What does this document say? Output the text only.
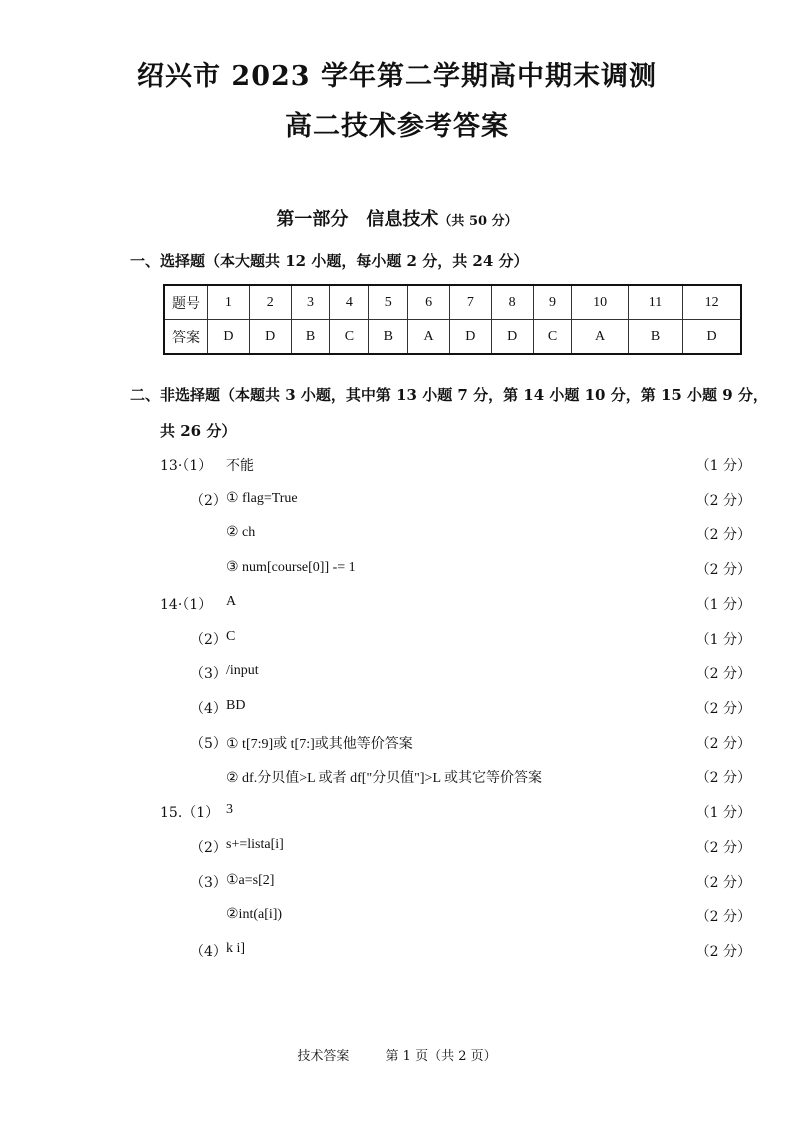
绍兴市 2023 学年第二学期高中期末调测
高二技术参考答案
第一部分　信息技术（共 50 分）
一、选择题（本大题共 12 小题，每小题 2 分，共 24 分）
题号	1	2	3	4	5	6	7	8	9	10	11	12
答案	D	D	B	C	B	A	D	D	C	A	B	D
二、非选择题（本题共 3 小题，其中第 13 小题 7 分，第 14 小题 10 分，第 15 小题 9 分，
共 26 分）
13·（1） 不能	（1 分）
（2） ① flag=True	（2 分）
② ch	（2 分）
③ num[course[0]] -= 1	（2 分）
14·（1） A	（1 分）
（2） C	（1 分）
（3） /input	（2 分）
（4） BD	（2 分）
（5） ① t[7:9]或 t[7:]或其他等价答案	（2 分）
② df.分贝值>L 或者 df["分贝值"]>L 或其它等价答案	（2 分）
15.（1） 3	（1 分）
（2） s+=lista[i]	（2 分）
（3） ①a=s[2]	（2 分）
②int(a[i])	（2 分）
（4） k i]	（2 分）
技术答案	第 1 页（共 2 页）
